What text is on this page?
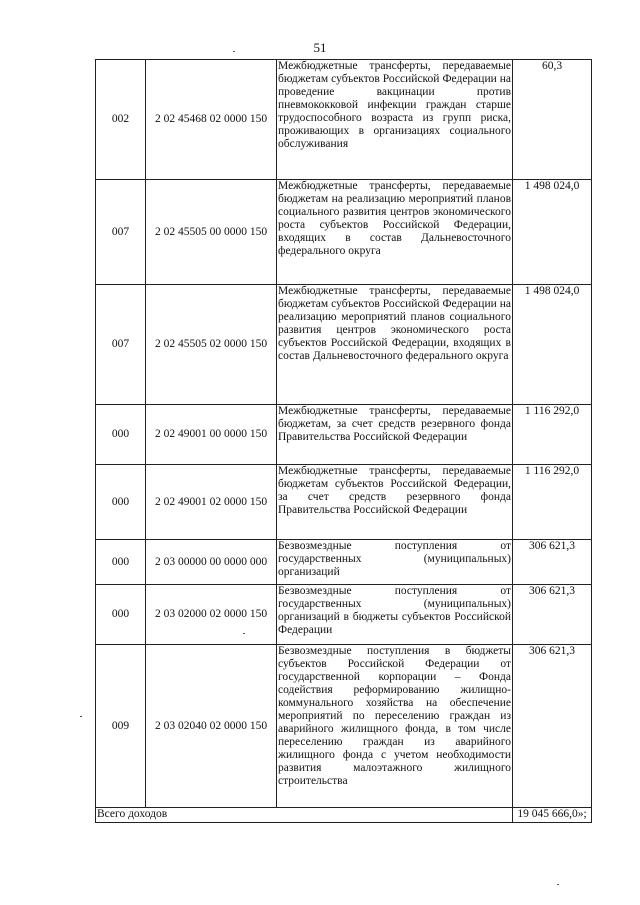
51
002	2 02 45468 02 0000 150	Межбюджетные трансферты, передаваемые бюджетам субъектов Российской Федерации на проведение вакцинации против пневмококковой инфекции граждан старше трудоспособного возраста из групп риска, проживающих в организациях социального обслуживания	60,3
007	2 02 45505 00 0000 150	Межбюджетные трансферты, передаваемые бюджетам на реализацию мероприятий планов социального развития центров экономического роста субъектов Российской Федерации, входящих в состав Дальневосточного федерального округа	1 498 024,0
007	2 02 45505 02 0000 150	Межбюджетные трансферты, передаваемые бюджетам субъектов Российской Федерации на реализацию мероприятий планов социального развития центров экономического роста субъектов Российской Федерации, входящих в состав Дальневосточного федерального округа	1 498 024,0
000	2 02 49001 00 0000 150	Межбюджетные трансферты, передаваемые бюджетам, за счет средств резервного фонда Правительства Российской Федерации	1 116 292,0
000	2 02 49001 02 0000 150	Межбюджетные трансферты, передаваемые бюджетам субъектов Российской Федерации, за счет средств резервного фонда Правительства Российской Федерации	1 116 292,0
000	2 03 00000 00 0000 000	Безвозмездные поступления от государственных (муниципальных) организаций	306 621,3
000	2 03 02000 02 0000 150	Безвозмездные поступления от государственных (муниципальных) организаций в бюджеты субъектов Российской Федерации	306 621,3
009	2 03 02040 02 0000 150	Безвозмездные поступления в бюджеты субъектов Российской Федерации от государственной корпорации – Фонда содействия реформированию жилищно-коммунального хозяйства на обеспечение мероприятий по переселению граждан из аварийного жилищного фонда, в том числе переселению граждан из аварийного жилищного фонда с учетом необходимости развития малоэтажного жилищного строительства	306 621,3
Всего доходов			19 045 666,0»;
